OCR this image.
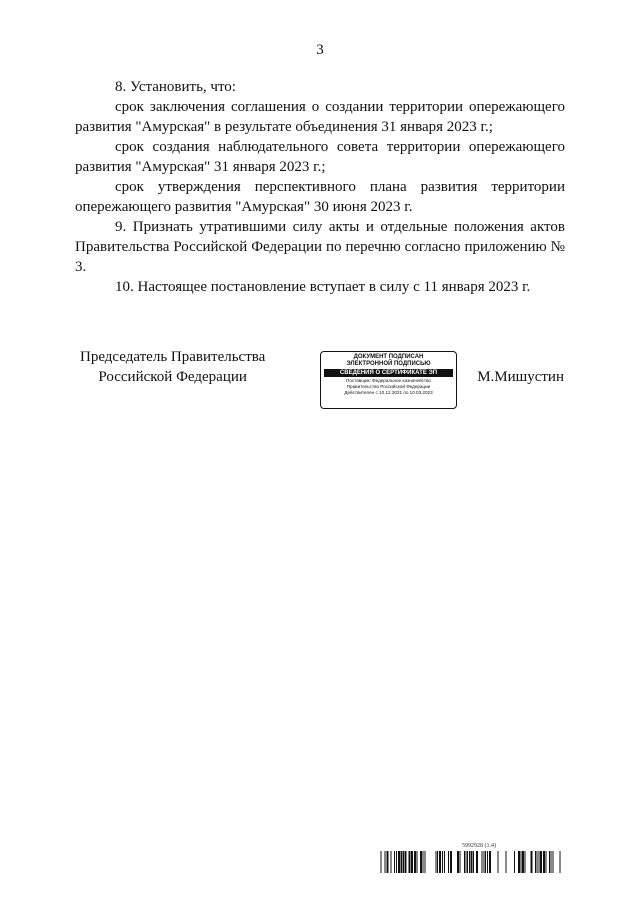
3

8. Установить, что:

срок заключения соглашения о создании территории опережающего развития "Амурская" в результате объединения 31 января 2023 г.;

срок создания наблюдательного совета территории опережающего развития "Амурская" 31 января 2023 г.;

срок утверждения перспективного плана развития территории опережающего развития "Амурская" 30 июня 2023 г.

9. Признать утратившими силу акты и отдельные положения актов Правительства Российской Федерации по перечню согласно приложению № 3.

10. Настоящее постановление вступает в силу с 11 января 2023 г.

Председатель Правительства
Российской Федерации
ДОКУМЕНТ ПОДПИСАН
ЭЛЕКТРОННОЙ ПОДПИСЬЮ
СВЕДЕНИЯ О СЕРТИФИКАТЕ ЭП
Поставщик: Федеральное казначейство
Правительство Российской Федерации
Действителен с 10.12.2021 по 10.03.2023
М.Мишустин
5992928 (1.4)
